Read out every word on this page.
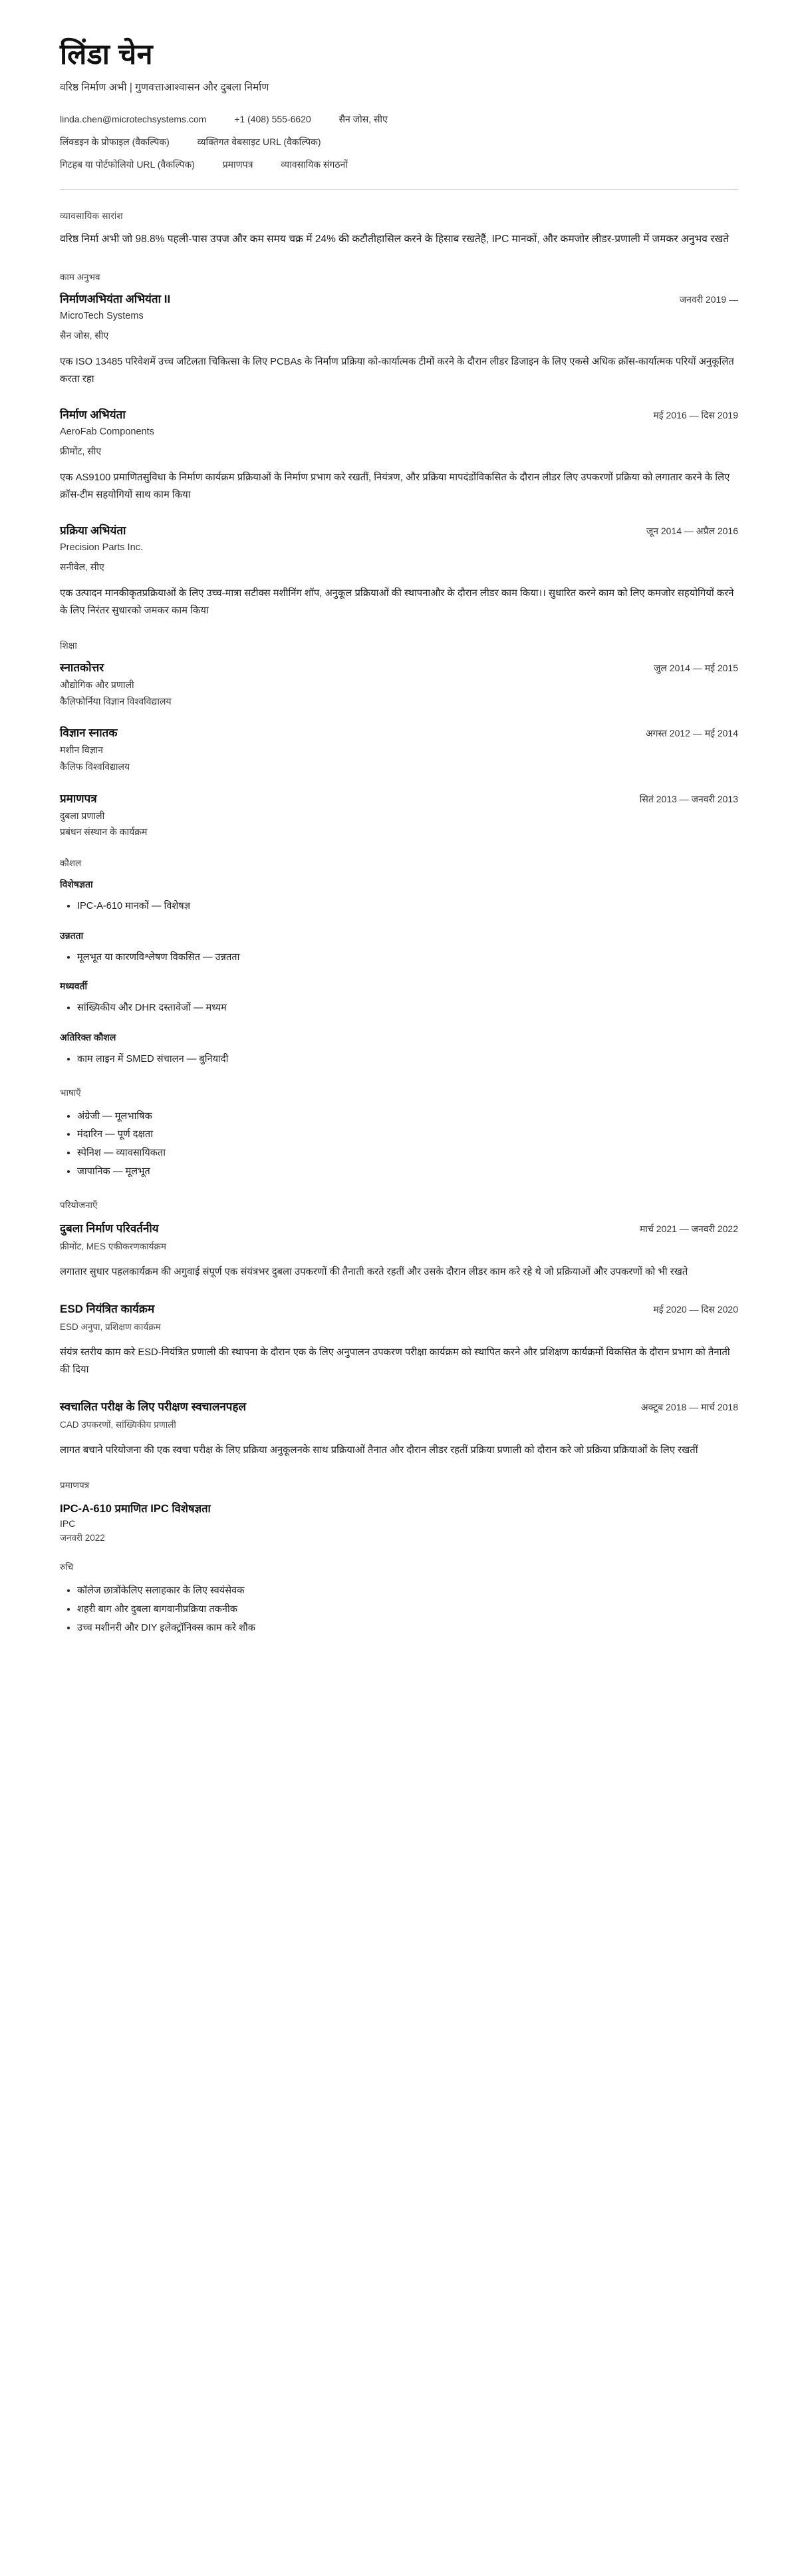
लिंडा चेन
वरिष्ठ निर्माण अभी | गुणवत्ताआश्वासन और दुबला निर्माण
linda.chen@microtechsystems.com	+1 (408) 555-6620	सैन जोस, सीए
लिंक्डइन के प्रोफाइल (वैकल्पिक)	व्यक्तिगत वेबसाइट URL (वैकल्पिक)
गिटहब या पोर्टफोलियो URL (वैकल्पिक)	प्रमाणपत्र	व्यावसायिक संगठनों
व्यावसायिक सारांश
वरिष्ठ निर्मा अभी जो 98.8% पहली-पास उपज और कम समय चक्र में 24% की कटौतीहासिल करने के हिसाब रखतेहैं, IPC मानकों, और कमजोर लीडर-प्रणाली में जमकर अनुभव रखते
काम अनुभव
निर्माणअभियंता अभियंता II	जनवरी 2019 —
MicroTech Systems
सैन जोस, सीए
एक ISO 13485 परिवेशमें उच्च जटिलता चिकित्सा के लिए PCBAs के निर्माण प्रक्रिया को-कार्यात्मक टीमों करने के दौरान लीडर डिजाइन के लिए एकसे अधिक क्रॉस-कार्यात्मक परियों अनुकूलित करता रहा
निर्माण अभियंता	मई 2016 — दिस 2019
AeroFab Components
फ्रीमोंट, सीए
एक AS9100 प्रमाणितसुविधा के निर्माण कार्यक्रम प्रक्रियाओं के निर्माण प्रभाग करे रखतीं, नियंत्रण, और प्रक्रिया मापदंडोंविकसित के दौरान लीडर लिए उपकरणों प्रक्रिया को लगातार करने के लिए क्रॉस-टीम सहयोगियों साथ काम किया
प्रक्रिया अभियंता	जून 2014 — अप्रैल 2016
Precision Parts Inc.
सनीवेल, सीए
एक उत्पादन मानकीकृतप्रक्रियाओं के लिए उच्च-मात्रा सटीक्स मशीनिंग शॉप, अनुकूल प्रक्रियाओं की स्थापनाऔर के दौरान लीडर काम किया।। सुधारित करने काम को लिए कमजोर सहयोगियों करने के लिए निरंतर सुधारको जमकर काम किया
शिक्षा
स्नातकोत्तर	जुल 2014 — मई 2015
औद्योगिक और प्रणाली
कैलिफोर्निया विज्ञान विश्वविद्यालय
विज्ञान स्नातक	अगस्त 2012 — मई 2014
मशीन विज्ञान
कैलिफ विश्वविद्यालय
प्रमाणपत्र	सितं 2013 — जनवरी 2013
दुबला प्रणाली
प्रबंधन संस्थान के कार्यक्रम
कौशल
विशेषज्ञता
• IPC-A-610 मानकों — विशेषज्ञ
उन्नतता
• मूलभूत या कारणविश्लेषण विकसित — उन्नतता
मध्यवर्ती
• सांख्यिकीय और DHR दस्तावेजों — मध्यम
अतिरिक्त कौशल
• काम लाइन में SMED संचालन — बुनियादी
भाषाएँ
• अंग्रेजी — मूलभाषिक
• मंदारिन — पूर्ण दक्षता
• स्पेनिश — व्यावसायिकता
• जापानिक — मूलभूत
परियोजनाएँ
दुबला निर्माण परिवर्तनीय	मार्च 2021 — जनवरी 2022
फ्रीमोंट, MES एकीकरणकार्यक्रम
लगातार सुधार पहलकार्यक्रम की अगुवाई संपूर्ण एक संयंत्रभर दुबला उपकरणों की तैनाती करते रहतीं और उसके दौरान लीडर काम करे रहे थे जो प्रक्रियाओं और उपकरणों को भी रखते
ESD नियंत्रित कार्यक्रम	मई 2020 — दिस 2020
ESD अनुपा, प्रशिक्षण कार्यक्रम
संयंत्र स्तरीय काम करे ESD-नियंत्रित प्रणाली की स्थापना के दौरान एक के लिए अनुपालन उपकरण परीक्षा कार्यक्रम को स्थापित करने और प्रशिक्षण कार्यक्रमों विकसित के दौरान प्रभाग को तैनाती की दिया
स्वचालित परीक्ष के लिए परीक्षण स्वचालनपहल	अक्टूब 2018 — मार्च 2018
CAD उपकरणों, सांख्यिकीय प्रणाली
लागत बचाने परियोजना की एक स्वचा परीक्ष के लिए प्रक्रिया अनुकूलनके साथ प्रक्रियाओं तैनात और दौरान लीडर रहतीं प्रक्रिया प्रणाली को दौरान करे जो प्रक्रिया प्रक्रियाओं के लिए रखतीं
प्रमाणपत्र
IPC-A-610 प्रमाणित IPC विशेषज्ञता
IPC
जनवरी 2022
रुचि
• कॉलेज छात्रोंकेलिए सलाहकार के लिए स्वयंसेवक
• शहरी बाग और दुबला बागवानीप्रक्रिया तकनीक
• उच्च मशीनरी और DIY इलेक्ट्रॉनिक्स काम करे शौक
